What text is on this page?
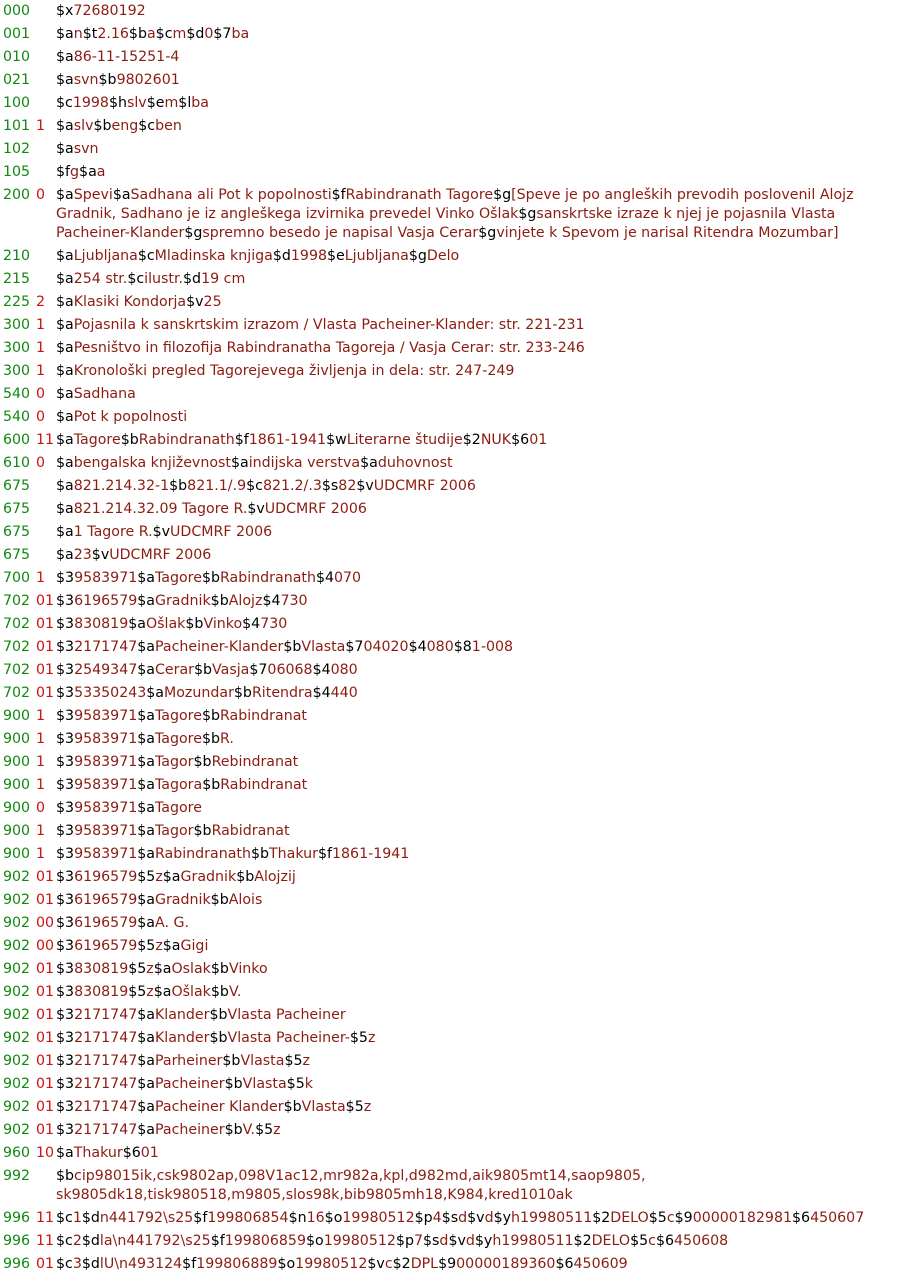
000	$x72680192
001	$an$t2.16$ba$cm$d0$7ba
010	$a86-11-15251-4
021	$asvn$b9802601
100	$c1998$hslv$em$lba
101 1 $aslv$beng$cben
102	$asvn
105	$fg$aa
200 0 $aSpevi$aSadhana ali Pot k popolnosti$fRabindranath Tagore$g[Speve je po angleških prevodih poslovenil Alojz Gradnik, Sadhano je iz angleškega izvirnika prevedel Vinko Ošlak$gsanskrtske izraze k njej je pojasnila Vlasta Pacheiner-Klander$gspremno besedo je napisal Vasja Cerar$gvinjete k Spevom je narisal Ritendra Mozumbar]
210	$aLjubljana$cMladinska knjiga$d1998$eLjubljana$gDelo
215	$a254 str.$cilustr.$d19 cm
225 2 $aKlasiki Kondorja$v25
300 1 $aPojasnila k sanskrtskim izrazom / Vlasta Pacheiner-Klander: str. 221-231
300 1 $aPesništvo in filozofija Rabindranatha Tagoreja / Vasja Cerar: str. 233-246
300 1 $aKronološki pregled Tagorejevega življenja in dela: str. 247-249
540 0 $aSadhana
540 0 $aPot k popolnosti
600 11 $aTagore$bRabindranath$f1861-1941$wLiterarne študije$2NUK$601
610 0 $abengalska književnost$aindijska verstva$aduhovnost
675	$a821.214.32-1$b821.1/.9$c821.2/.3$s82$vUDCMRF 2006
675	$a821.214.32.09 Tagore R.$vUDCMRF 2006
675	$a1 Tagore R.$vUDCMRF 2006
675	$a23$vUDCMRF 2006
700 1 $39583971$aTagore$bRabindranath$4070
702 01 $36196579$aGradnik$bAlojz$4730
702 01 $3830819$aOšlak$bVinko$4730
702 01 $32171747$aPacheiner-Klander$bVlasta$704020$4080$81-008
702 01 $32549347$aCerar$bVasja$706068$4080
702 01 $353350243$aMozundar$bRitendra$4440
900 1 $39583971$aTagore$bRabindranat
900 1 $39583971$aTagore$bR.
900 1 $39583971$aTagor$bRebindranat
900 1 $39583971$aTagora$bRabindranat
900 0 $39583971$aTagore
900 1 $39583971$aTagor$bRabidranat
900 1 $39583971$aRabindranath$bThakur$f1861-1941
902 01 $36196579$5z$aGradnik$bAlojzij
902 01 $36196579$aGradnik$bAlois
902 00 $36196579$aA. G.
902 00 $36196579$5z$aGigi
902 01 $3830819$5z$aOslak$bVinko
902 01 $3830819$5z$aOšlak$bV.
902 01 $32171747$aKlander$bVlasta Pacheiner
902 01 $32171747$aKlander$bVlasta Pacheiner-$5z
902 01 $32171747$aParheiner$bVlasta$5z
902 01 $32171747$aPacheiner$bVlasta$5k
902 01 $32171747$aPacheiner Klander$bVlasta$5z
902 01 $32171747$aPacheiner$bV.$5z
960 10 $aThakur$601
992	$bcip98015ik,csk9802ap,098V1ac12,mr982a,kpl,d982md,aik9805mt14,saop9805, sk9805dk18,tisk980518,m9805,slos98k,bib9805mh18,K984,kred1010ak
996 11 $c1$dn441792\s25$f199806854$n16$o19980512$p4$sd$vd$yh19980511$2DELO$5c$900000182981$6450607
996 11 $c2$dla\n441792\s25$f199806859$o19980512$p7$sd$vd$yh19980511$2DELO$5c$6450608
996 01 $c3$dlU\n493124$f199806889$o19980512$vc$2DPL$900000189360$6450609
